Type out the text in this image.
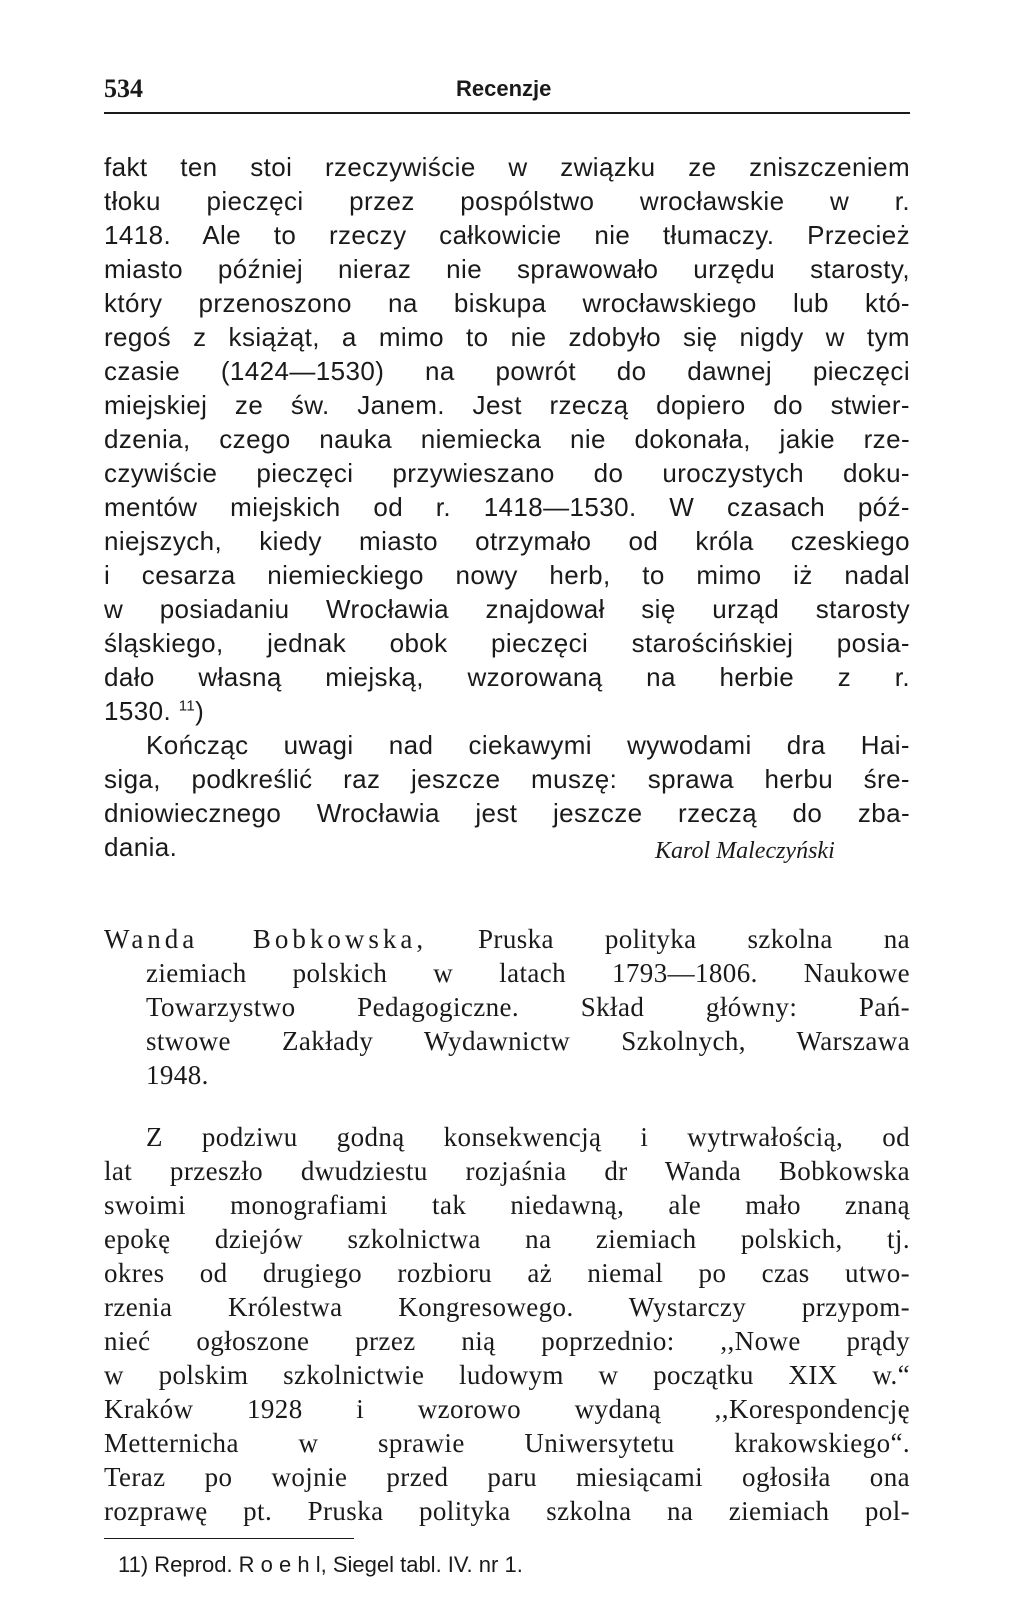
534	Recenzje
fakt ten stoi rzeczywiście w związku ze zniszczeniem
tłoku pieczęci przez pospólstwo wrocławskie w r.
1418. Ale to rzeczy całkowicie nie tłumaczy. Przecież
miasto później nieraz nie sprawowało urzędu starosty,
który przenoszono na biskupa wrocławskiego lub któ-
regoś z książąt, a mimo to nie zdobyło się nigdy w tym
czasie (1424—1530) na powrót do dawnej pieczęci
miejskiej ze św. Janem. Jest rzeczą dopiero do stwier-
dzenia, czego nauka niemiecka nie dokonała, jakie rze-
czywiście pieczęci przywieszano do uroczystych doku-
mentów miejskich od r. 1418—1530. W czasach póź-
niejszych, kiedy miasto otrzymało od króla czeskiego
i cesarza niemieckiego nowy herb, to mimo iż nadal
w posiadaniu Wrocławia znajdował się urząd starosty
śląskiego, jednak obok pieczęci starościńskiej posia-
dało własną miejską, wzorowaną na herbie z r.
1530. $^{11}$)
Kończąc uwagi nad ciekawymi wywodami dra Hai-
siga, podkreślić raz jeszcze muszę: sprawa herbu śre-
dniowiecznego Wrocławia jest jeszcze rzeczą do zba-
dania.	Karol Maleczyński
Wanda Bobkowska, Pruska polityka szkolna na
ziemiach polskich w latach 1793—1806. Naukowe
Towarzystwo Pedagogiczne. Skład główny: Pań-
stwowe Zakłady Wydawnictw Szkolnych, Warszawa
1948.
Z podziwu godną konsekwencją i wytrwałością, od
lat przeszło dwudziestu rozjaśnia dr Wanda Bobkowska
swoimi monografiami tak niedawną, ale mało znaną
epokę dziejów szkolnictwa na ziemiach polskich, tj.
okres od drugiego rozbioru aż niemal po czas utwo-
rzenia Królestwa Kongresowego. Wystarczy przypom-
nieć ogłoszone przez nią poprzednio: ,,Nowe prądy
w polskim szkolnictwie ludowym w początku XIX w.“
Kraków 1928 i wzorowo wydaną ,,Korespondencję
Metternicha w sprawie Uniwersytetu krakowskiego“.
Teraz po wojnie przed paru miesiącami ogłosiła ona
rozprawę pt. Pruska polityka szkolna na ziemiach pol-
11) Reprod. R o e h l, Siegel tabl. IV. nr 1.
